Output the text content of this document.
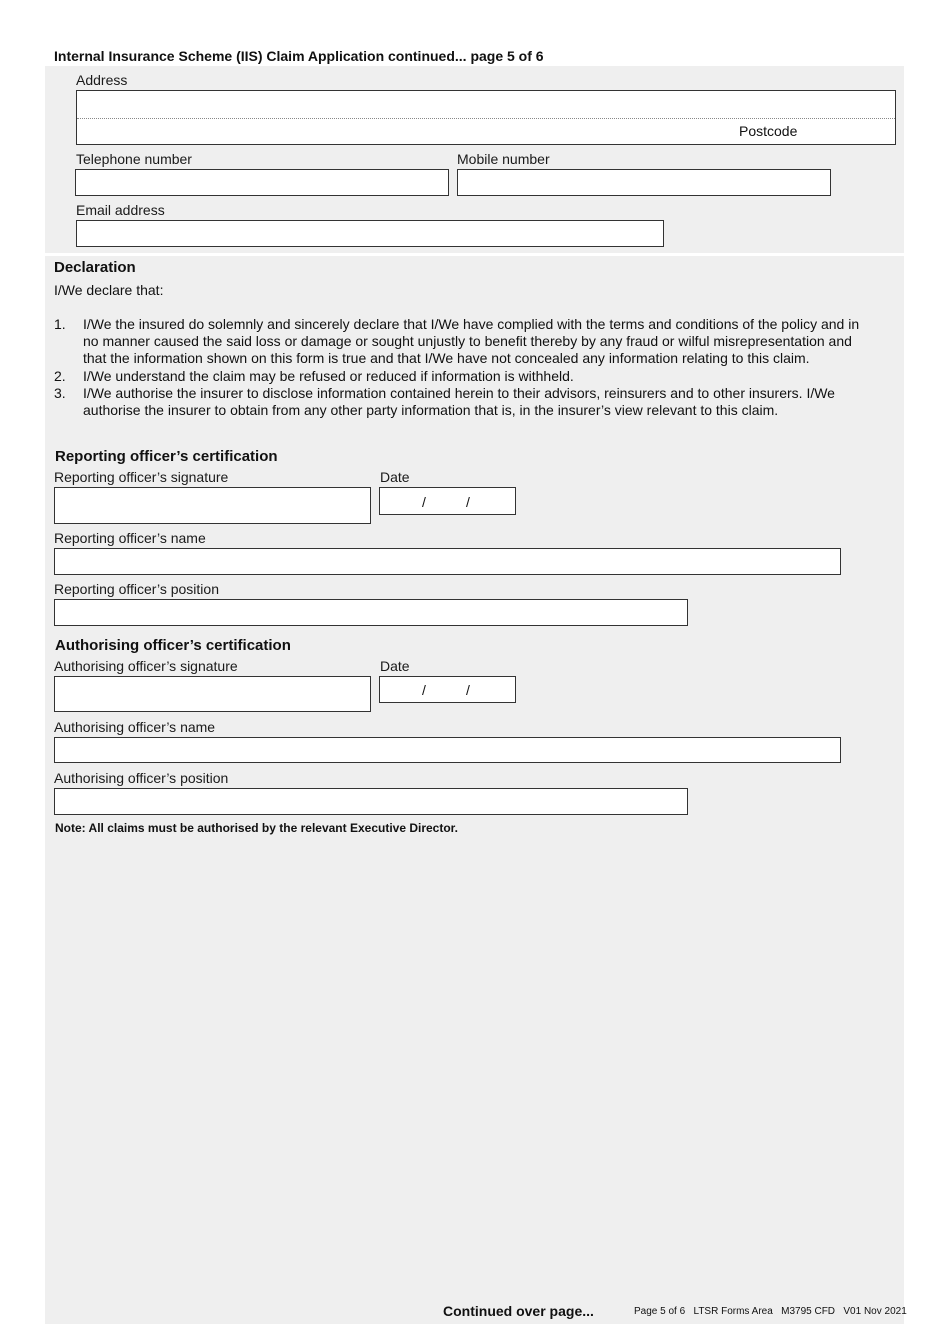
Internal Insurance Scheme (IIS) Claim Application continued... page 5 of 6
Address
Postcode
Telephone number	Mobile number
Email address
Declaration
I/We declare that:
1.	I/We the insured do solemnly and sincerely declare that I/We have complied with the terms and conditions of the policy and in
no manner caused the said loss or damage or sought unjustly to benefit thereby by any fraud or wilful misrepresentation and
that the information shown on this form is true and that I/We have not concealed any information relating to this claim.
2.	I/We understand the claim may be refused or reduced if information is withheld.
3.	I/We authorise the insurer to disclose information contained herein to their advisors, reinsurers and to other insurers. I/We
authorise the insurer to obtain from any other party information that is, in the insurer’s view relevant to this claim.
Reporting officer’s certification
Reporting officer’s signature	Date
/	/
Reporting officer’s name
Reporting officer’s position
Authorising officer’s certification
Authorising officer’s signature	Date
/	/
Authorising officer’s name
Authorising officer’s position
Note: All claims must be authorised by the relevant Executive Director.
Continued over page...	Page 5 of 6 LTSR Forms Area M3795 CFD V01 Nov 2021
